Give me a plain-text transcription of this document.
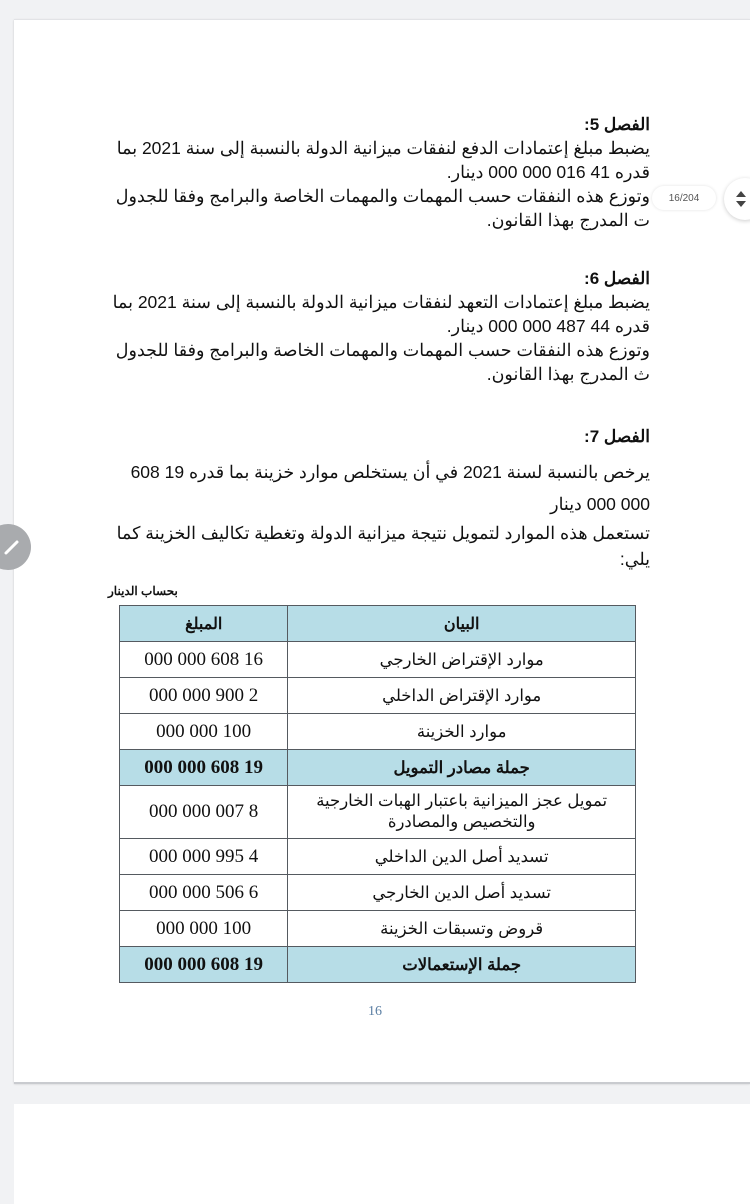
الفصل 5:
يضبط مبلغ إعتمادات الدفع لنفقات ميزانية الدولة بالنسبة إلى سنة 2021 بما قدره 41 016 000 000 دينار.
وتوزع هذه النفقات حسب المهمات والمهمات الخاصة والبرامج وفقا للجدول ت المدرج بهذا القانون.
الفصل 6:
يضبط مبلغ إعتمادات التعهد لنفقات ميزانية الدولة بالنسبة إلى سنة 2021 بما قدره 44 487 000 000 دينار.
وتوزع هذه النفقات حسب المهمات والمهمات الخاصة والبرامج وفقا للجدول ث المدرج بهذا القانون.
الفصل 7:
يرخص بالنسبة لسنة 2021 في أن يستخلص موارد خزينة بما قدره 19 608 000 000 دينار
تستعمل هذه الموارد لتمويل نتيجة ميزانية الدولة وتغطية تكاليف الخزينة كما يلي:
بحساب الدينار
البيان	المبلغ
موارد الإقتراض الخارجي	16 608 000 000
موارد الإقتراض الداخلي	2 900 000 000
موارد الخزينة	100 000 000
جملة مصادر التمويل	19 608 000 000
تمويل عجز الميزانية باعتبار الهبات الخارجية والتخصيص والمصادرة	8 007 000 000
تسديد أصل الدين الداخلي	4 995 000 000
تسديد أصل الدين الخارجي	6 506 000 000
قروض وتسبقات الخزينة	100 000 000
جملة الإستعمالات	19 608 000 000
16
16/204
